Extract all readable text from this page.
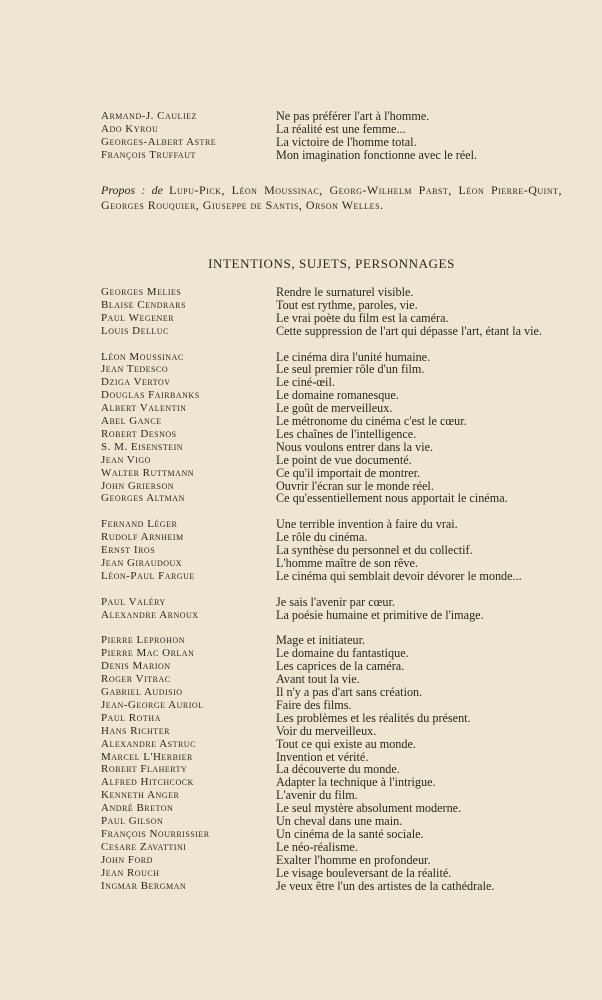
Armand-J. Cauliez	Ne pas préférer l'art à l'homme.
Ado Kyrou	La réalité est une femme...
Georges-Albert Astre	La victoire de l'homme total.
François Truffaut	Mon imagination fonctionne avec le réel.

Propos : de Lupu-Pick, Léon Moussinac, Georg-Wilhelm Pabst, Léon Pierre-Quint, Georges Rouquier, Giuseppe de Santis, Orson Welles.

INTENTIONS, SUJETS, PERSONNAGES
Georges Melies	Rendre le surnaturel visible.
Blaise Cendrars	Tout est rythme, paroles, vie.
Paul Wegener	Le vrai poète du film est la caméra.
Louis Delluc	Cette suppression de l'art qui dépasse l'art, étant la vie.
Léon Moussinac	Le cinéma dira l'unité humaine.
Jean Tedesco	Le seul premier rôle d'un film.
Dziga Vertov	Le ciné-œil.
Douglas Fairbanks	Le domaine romanesque.
Albert Valentin	Le goût de merveilleux.
Abel Gance	Le métronome du cinéma c'est le cœur.
Robert Desnos	Les chaînes de l'intelligence.
S. M. Eisenstein	Nous voulons entrer dans la vie.
Jean Vigo	Le point de vue documenté.
Walter Ruttmann	Ce qu'il importait de montrer.
John Grierson	Ouvrir l'écran sur le monde réel.
Georges Altman	Ce qu'essentiellement nous apportait le cinéma.
Fernand Léger	Une terrible invention à faire du vrai.
Rudolf Arnheim	Le rôle du cinéma.
Ernst Iros	La synthèse du personnel et du collectif.
Jean Giraudoux	L'homme maître de son rêve.
Léon-Paul Fargue	Le cinéma qui semblait devoir dévorer le monde...
Paul Valéry	Je sais l'avenir par cœur.
Alexandre Arnoux	La poésie humaine et primitive de l'image.
Pierre Leprohon	Mage et initiateur.
Pierre Mac Orlan	Le domaine du fantastique.
Denis Marion	Les caprices de la caméra.
Roger Vitrac	Avant tout la vie.
Gabriel Audisio	Il n'y a pas d'art sans création.
Jean-George Auriol	Faire des films.
Paul Rotha	Les problèmes et les réalités du présent.
Hans Richter	Voir du merveilleux.
Alexandre Astruc	Tout ce qui existe au monde.
Marcel L'Herbier	Invention et vérité.
Robert Flaherty	La découverte du monde.
Alfred Hitchcock	Adapter la technique à l'intrigue.
Kenneth Anger	L'avenir du film.
André Breton	Le seul mystère absolument moderne.
Paul Gilson	Un cheval dans une main.
François Nourrissier	Un cinéma de la santé sociale.
Cesare Zavattini	Le néo-réalisme.
John Ford	Exalter l'homme en profondeur.
Jean Rouch	Le visage bouleversant de la réalité.
Ingmar Bergman	Je veux être l'un des artistes de la cathédrale.
